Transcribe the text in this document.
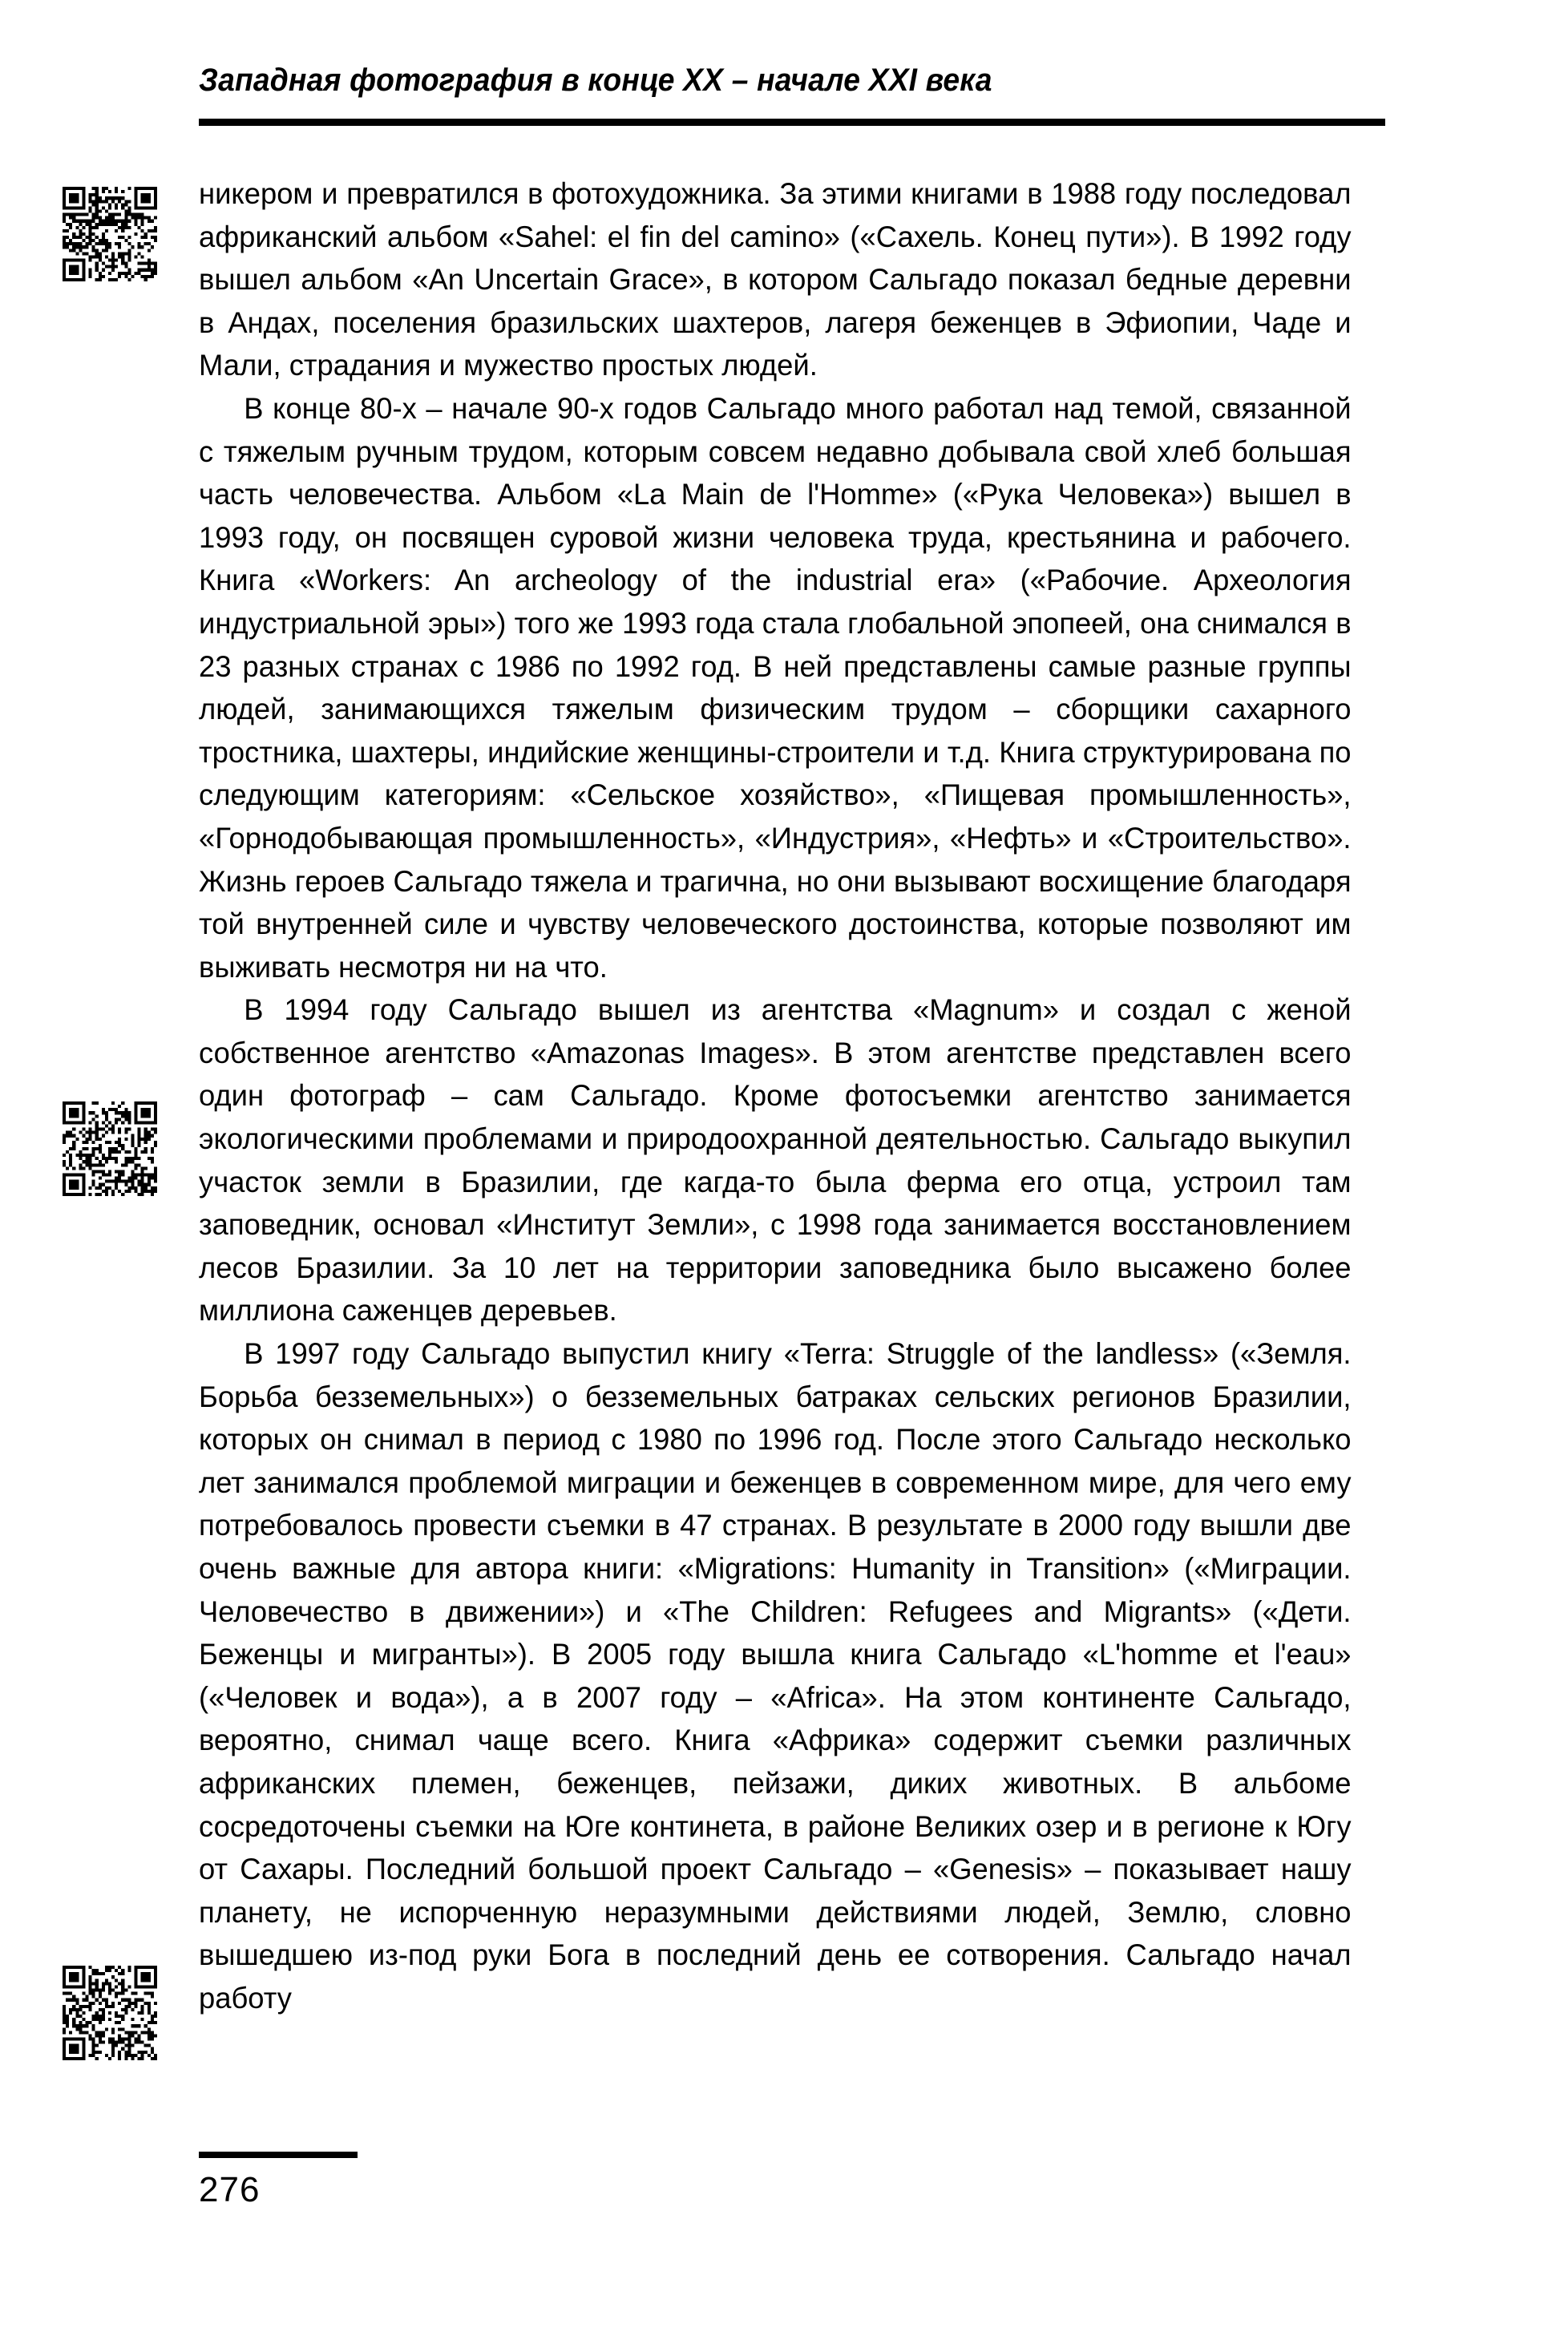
Западная фотография в конце XX – начале XXI века

никером и превратился в фотохудожника. За этими книгами в 1988 году последовал африканский альбом «Sahel: el fin del camino» («Сахель. Конец пути»). В 1992 году вышел альбом «An Uncertain Grace», в котором Сальгадо показал бедные деревни в Андах, поселения бразильских шахтеров, лагеря беженцев в Эфиопии, Чаде и Мали, страдания и мужество простых людей.

В конце 80-х – начале 90-х годов Сальгадо много работал над темой, связанной с тяжелым ручным трудом, которым совсем недавно добывала свой хлеб большая часть человечества. Альбом «La Main de l'Homme» («Рука Человека») вышел в 1993 году, он посвящен суровой жизни человека труда, крестьянина и рабочего. Книга «Workers: An archeology of the industrial era» («Рабочие. Археология индустриальной эры») того же 1993 года стала глобальной эпопеей, она снимался в 23 разных странах с 1986 по 1992 год. В ней представлены самые разные группы людей, занимающихся тяжелым физическим трудом – сборщики сахарного тростника, шахтеры, индийские женщины-строители и т.д. Книга структурирована по следующим категориям: «Сельское хозяйство», «Пищевая промышленность», «Горнодобывающая промышленность», «Индустрия», «Нефть» и «Строительство». Жизнь героев Сальгадо тяжела и трагична, но они вызывают восхищение благодаря той внутренней силе и чувству человеческого достоинства, которые позволяют им выживать несмотря ни на что.

В 1994 году Сальгадо вышел из агентства «Magnum» и создал с женой собственное агентство «Amazonas Images». В этом агентстве представлен всего один фотограф – сам Сальгадо. Кроме фотосъемки агентство занимается экологическими проблемами и природоохранной деятельностью. Сальгадо выкупил участок земли в Бразилии, где кагда-то была ферма его отца, устроил там заповедник, основал «Институт Земли», с 1998 года занимается восстановлением лесов Бразилии. За 10 лет на территории заповедника было высажено более миллиона саженцев деревьев.

В 1997 году Сальгадо выпустил книгу «Terra: Struggle of the landless» («Земля. Борьба безземельных») о безземельных батраках сельских регионов Бразилии, которых он снимал в период с 1980 по 1996 год. После этого Сальгадо несколько лет занимался проблемой миграции и беженцев в современном мире, для чего ему потребовалось провести съемки в 47 странах. В результате в 2000 году вышли две очень важные для автора книги: «Migrations: Humanity in Transition» («Миграции. Человечество в движении») и «The Children: Refugees and Migrants» («Дети. Беженцы и мигранты»). В 2005 году вышла книга Сальгадо «L'homme et l'eau» («Человек и вода»), а в 2007 году – «Africa». На этом континенте Сальгадо, вероятно, снимал чаще всего. Книга «Африка» содержит съемки различных африканских племен, беженцев, пейзажи, диких животных. В альбоме сосредоточены съемки на Юге континета, в районе Великих озер и в регионе к Югу от Сахары. Последний большой проект Сальгадо – «Genesis» – показывает нашу планету, не испорченную неразумными действиями людей, Землю, словно вышедшею из-под руки Бога в последний день ее сотворения. Сальгадо начал работу

276
